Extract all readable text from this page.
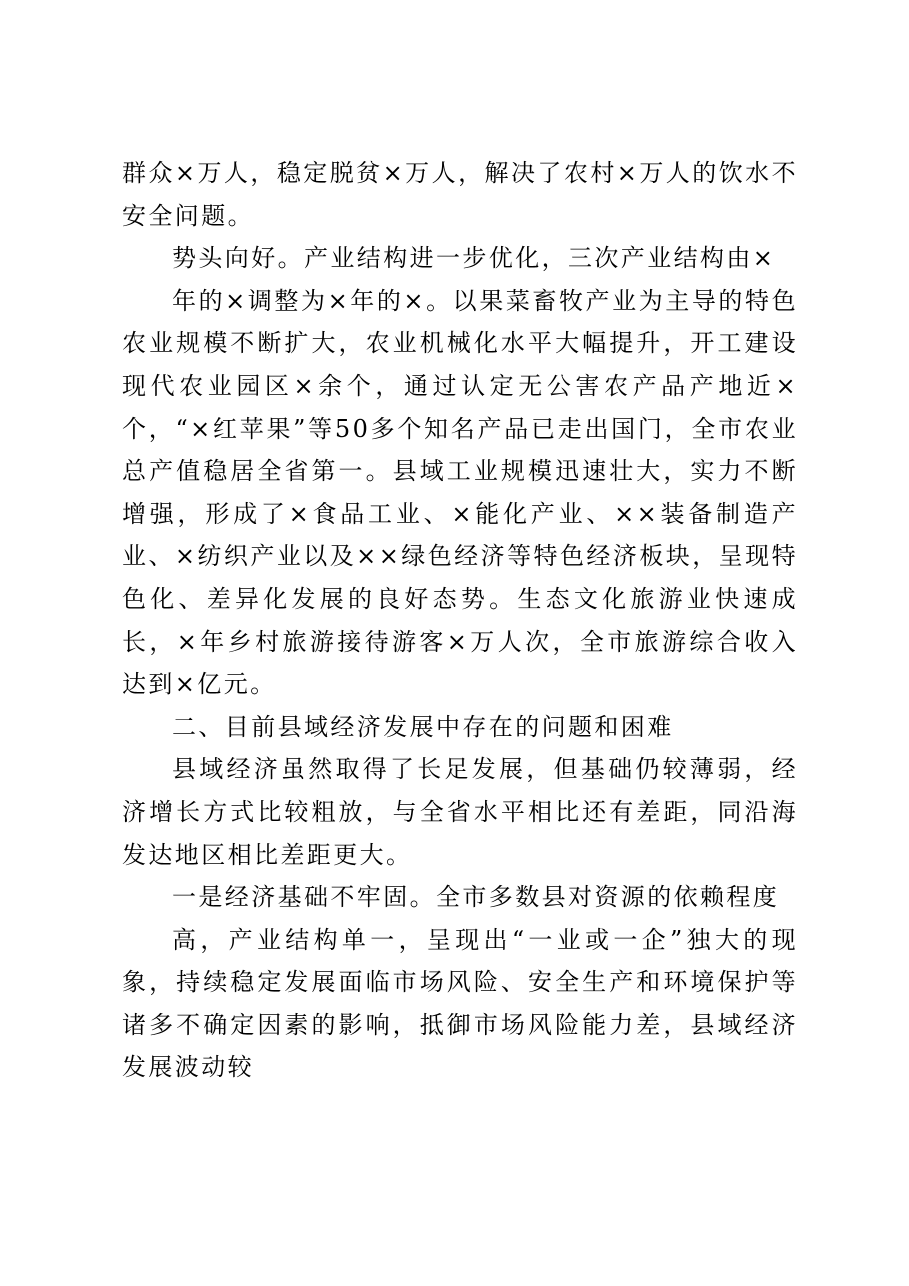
群众×万人，稳定脱贫×万人，解决了农村×万人的饮水不安全问题。

势头向好。产业结构进一步优化，三次产业结构由×

年的×调整为×年的×。以果菜畜牧产业为主导的特色农业规模不断扩大，农业机械化水平大幅提升，开工建设现代农业园区×余个，通过认定无公害农产品产地近×个，“×红苹果”等50多个知名产品已走出国门，全市农业总产值稳居全省第一。县域工业规模迅速壮大，实力不断增强，形成了×食品工业、×能化产业、××装备制造产业、×纺织产业以及××绿色经济等特色经济板块，呈现特色化、差异化发展的良好态势。生态文化旅游业快速成长，×年乡村旅游接待游客×万人次，全市旅游综合收入达到×亿元。

二、目前县域经济发展中存在的问题和困难

县域经济虽然取得了长足发展，但基础仍较薄弱，经济增长方式比较粗放，与全省水平相比还有差距，同沿海发达地区相比差距更大。

一是经济基础不牢固。全市多数县对资源的依赖程度

高，产业结构单一，呈现出“一业或一企”独大的现象，持续稳定发展面临市场风险、安全生产和环境保护等诸多不确定因素的影响，抵御市场风险能力差，县域经济发展波动较
